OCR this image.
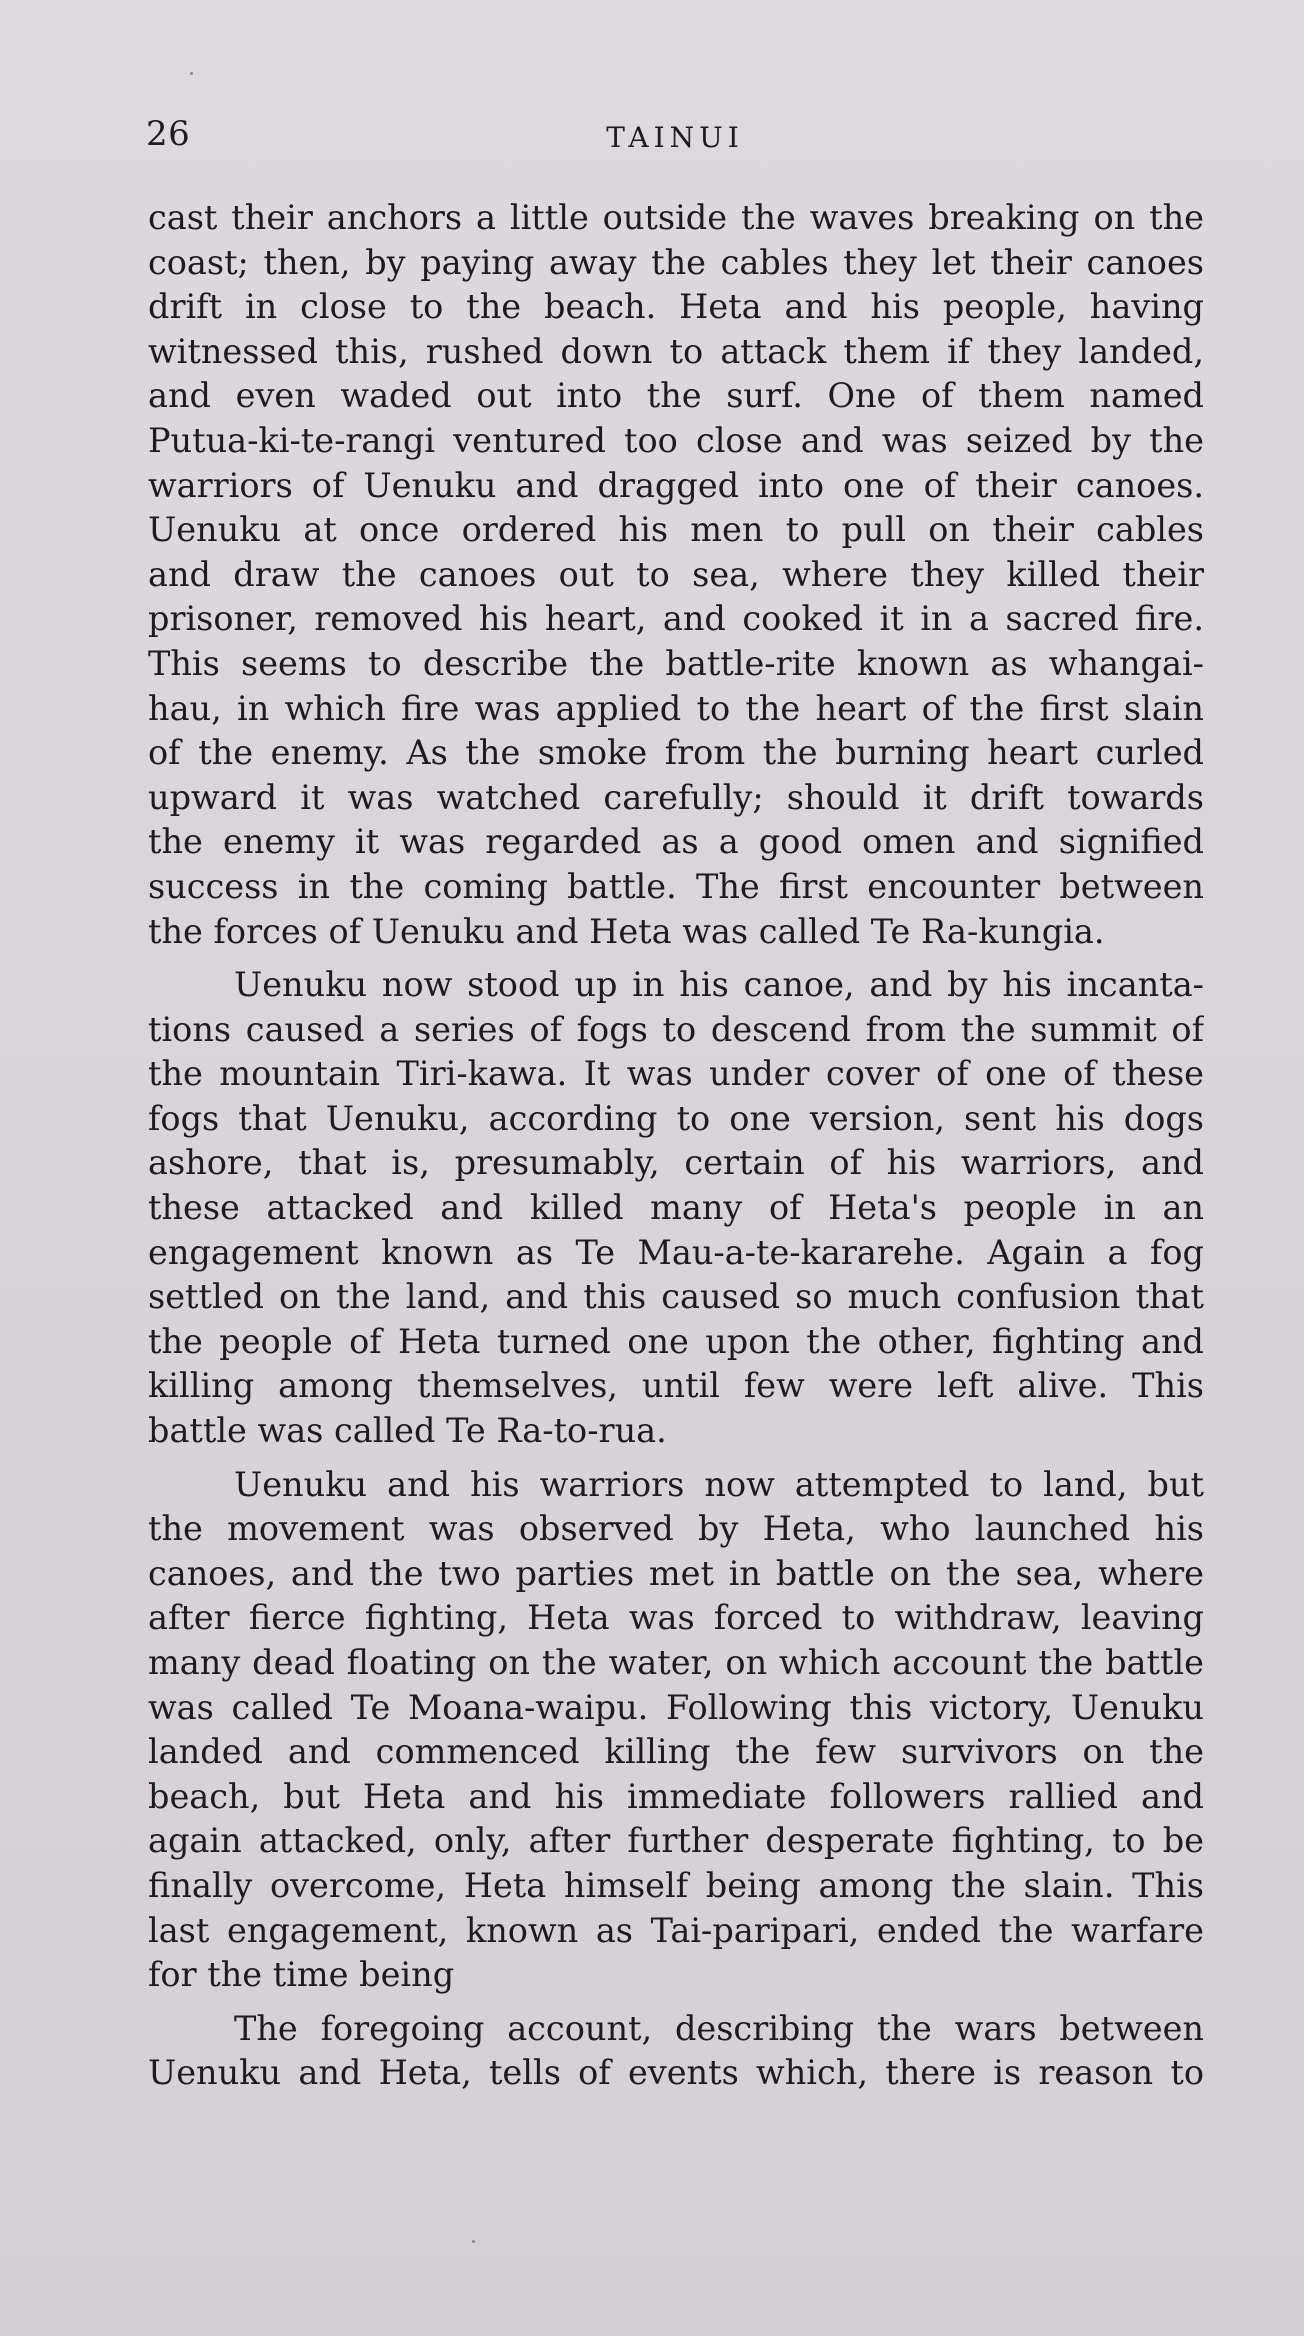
26	TAINUI
cast their anchors a little outside the waves breaking on the
coast; then, by paying away the cables they let their canoes
drift in close to the beach. Heta and his people, having
witnessed this, rushed down to attack them if they landed,
and even waded out into the surf. One of them named
Putua-ki-te-rangi ventured too close and was seized by the
warriors of Uenuku and dragged into one of their canoes.
Uenuku at once ordered his men to pull on their cables
and draw the canoes out to sea, where they killed their
prisoner, removed his heart, and cooked it in a sacred fire.
This seems to describe the battle-rite known as whangai-
hau, in which fire was applied to the heart of the first slain
of the enemy. As the smoke from the burning heart curled
upward it was watched carefully; should it drift towards
the enemy it was regarded as a good omen and signified
success in the coming battle. The first encounter between
the forces of Uenuku and Heta was called Te Ra-kungia.
Uenuku now stood up in his canoe, and by his incanta-
tions caused a series of fogs to descend from the summit of
the mountain Tiri-kawa. It was under cover of one of these
fogs that Uenuku, according to one version, sent his dogs
ashore, that is, presumably, certain of his warriors, and
these attacked and killed many of Heta's people in an
engagement known as Te Mau-a-te-kararehe. Again a fog
settled on the land, and this caused so much confusion that
the people of Heta turned one upon the other, fighting and
killing among themselves, until few were left alive. This
battle was called Te Ra-to-rua.
Uenuku and his warriors now attempted to land, but
the movement was observed by Heta, who launched his
canoes, and the two parties met in battle on the sea, where
after fierce fighting, Heta was forced to withdraw, leaving
many dead floating on the water, on which account the battle
was called Te Moana-waipu. Following this victory, Uenuku
landed and commenced killing the few survivors on the
beach, but Heta and his immediate followers rallied and
again attacked, only, after further desperate fighting, to be
finally overcome, Heta himself being among the slain. This
last engagement, known as Tai-paripari, ended the warfare
for the time being
The foregoing account, describing the wars between
Uenuku and Heta, tells of events which, there is reason to
